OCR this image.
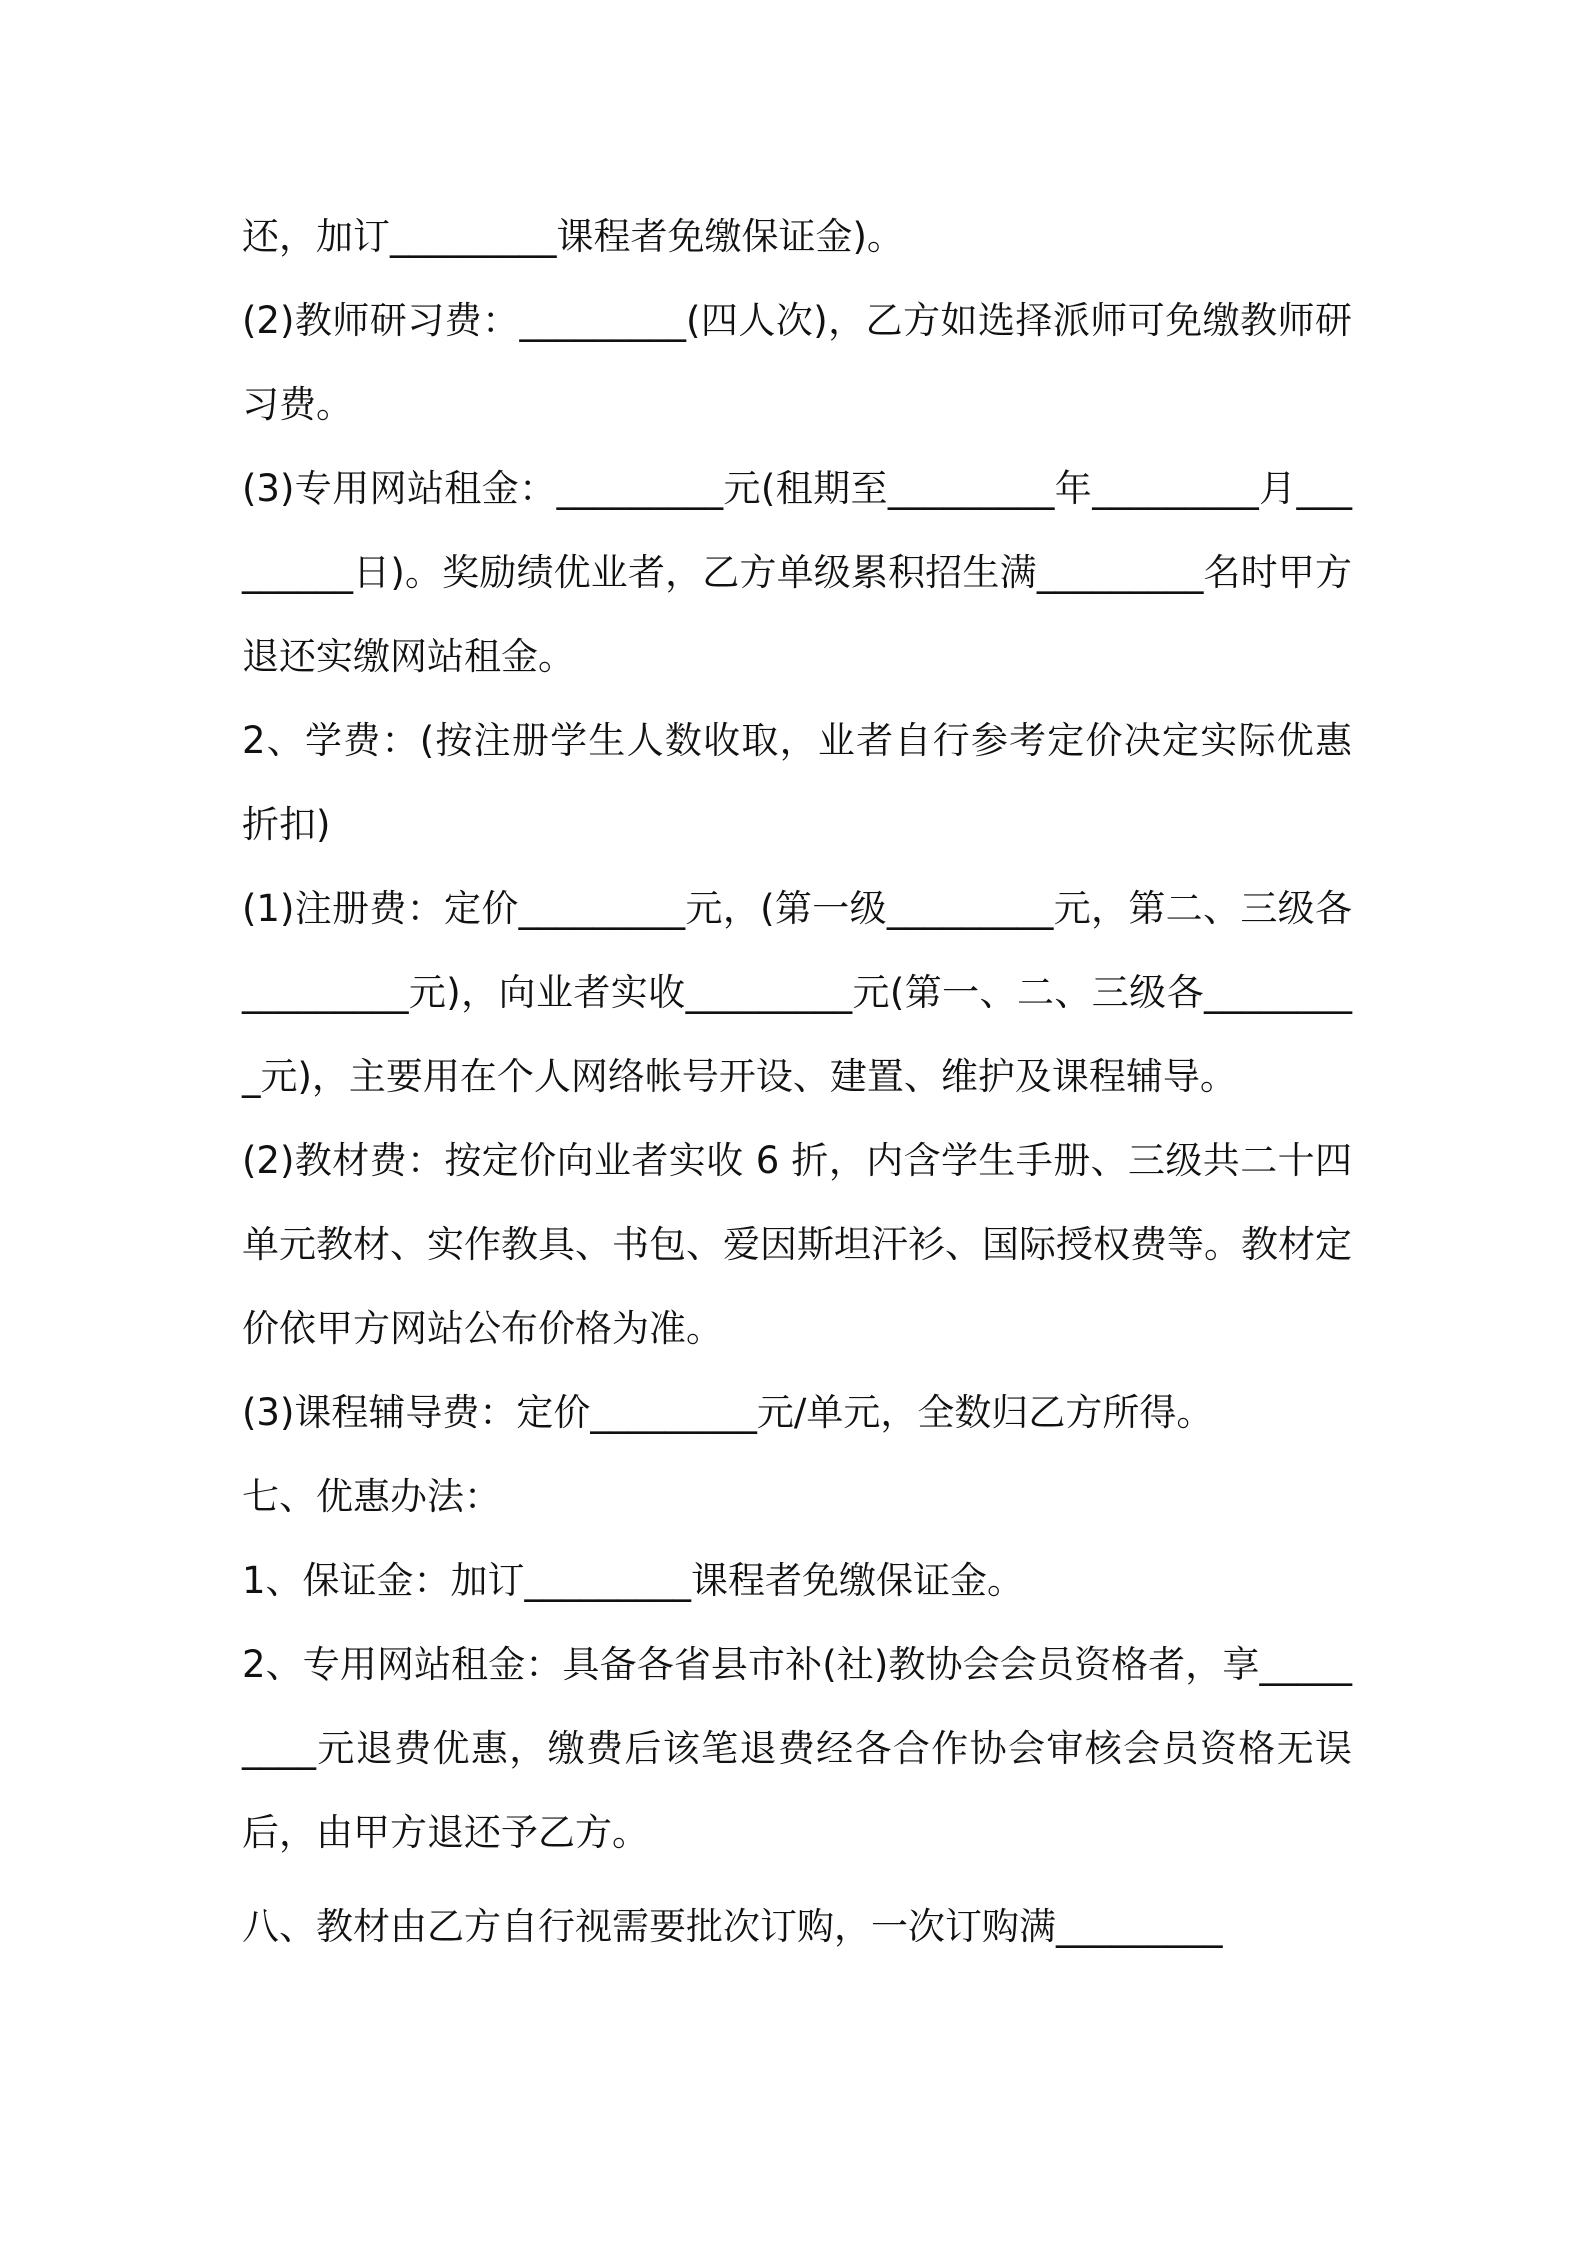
还，加订_________课程者免缴保证金)。

(2)教师研习费：_________(四人次)，乙方如选择派师可免缴教师研习费。

(3)专用网站租金：_________元(租期至_________年_________月_________日)。奖励绩优业者，乙方单级累积招生满_________名时甲方退还实缴网站租金。

2、学费：(按注册学生人数收取，业者自行参考定价决定实际优惠折扣)

(1)注册费：定价_________元，(第一级_________元，第二、三级各_________元)，向业者实收_________元(第一、二、三级各_________元)，主要用在个人网络帐号开设、建置、维护及课程辅导。

(2)教材费：按定价向业者实收 6 折，内含学生手册、三级共二十四单元教材、实作教具、书包、爱因斯坦汗衫、国际授权费等。教材定价依甲方网站公布价格为准。

(3)课程辅导费：定价_________元/单元，全数归乙方所得。

七、优惠办法：

1、保证金：加订_________课程者免缴保证金。

2、专用网站租金：具备各省县市补(社)教协会会员资格者，享_________元退费优惠，缴费后该笔退费经各合作协会审核会员资格无误后，由甲方退还予乙方。

八、教材由乙方自行视需要批次订购，一次订购满_________
